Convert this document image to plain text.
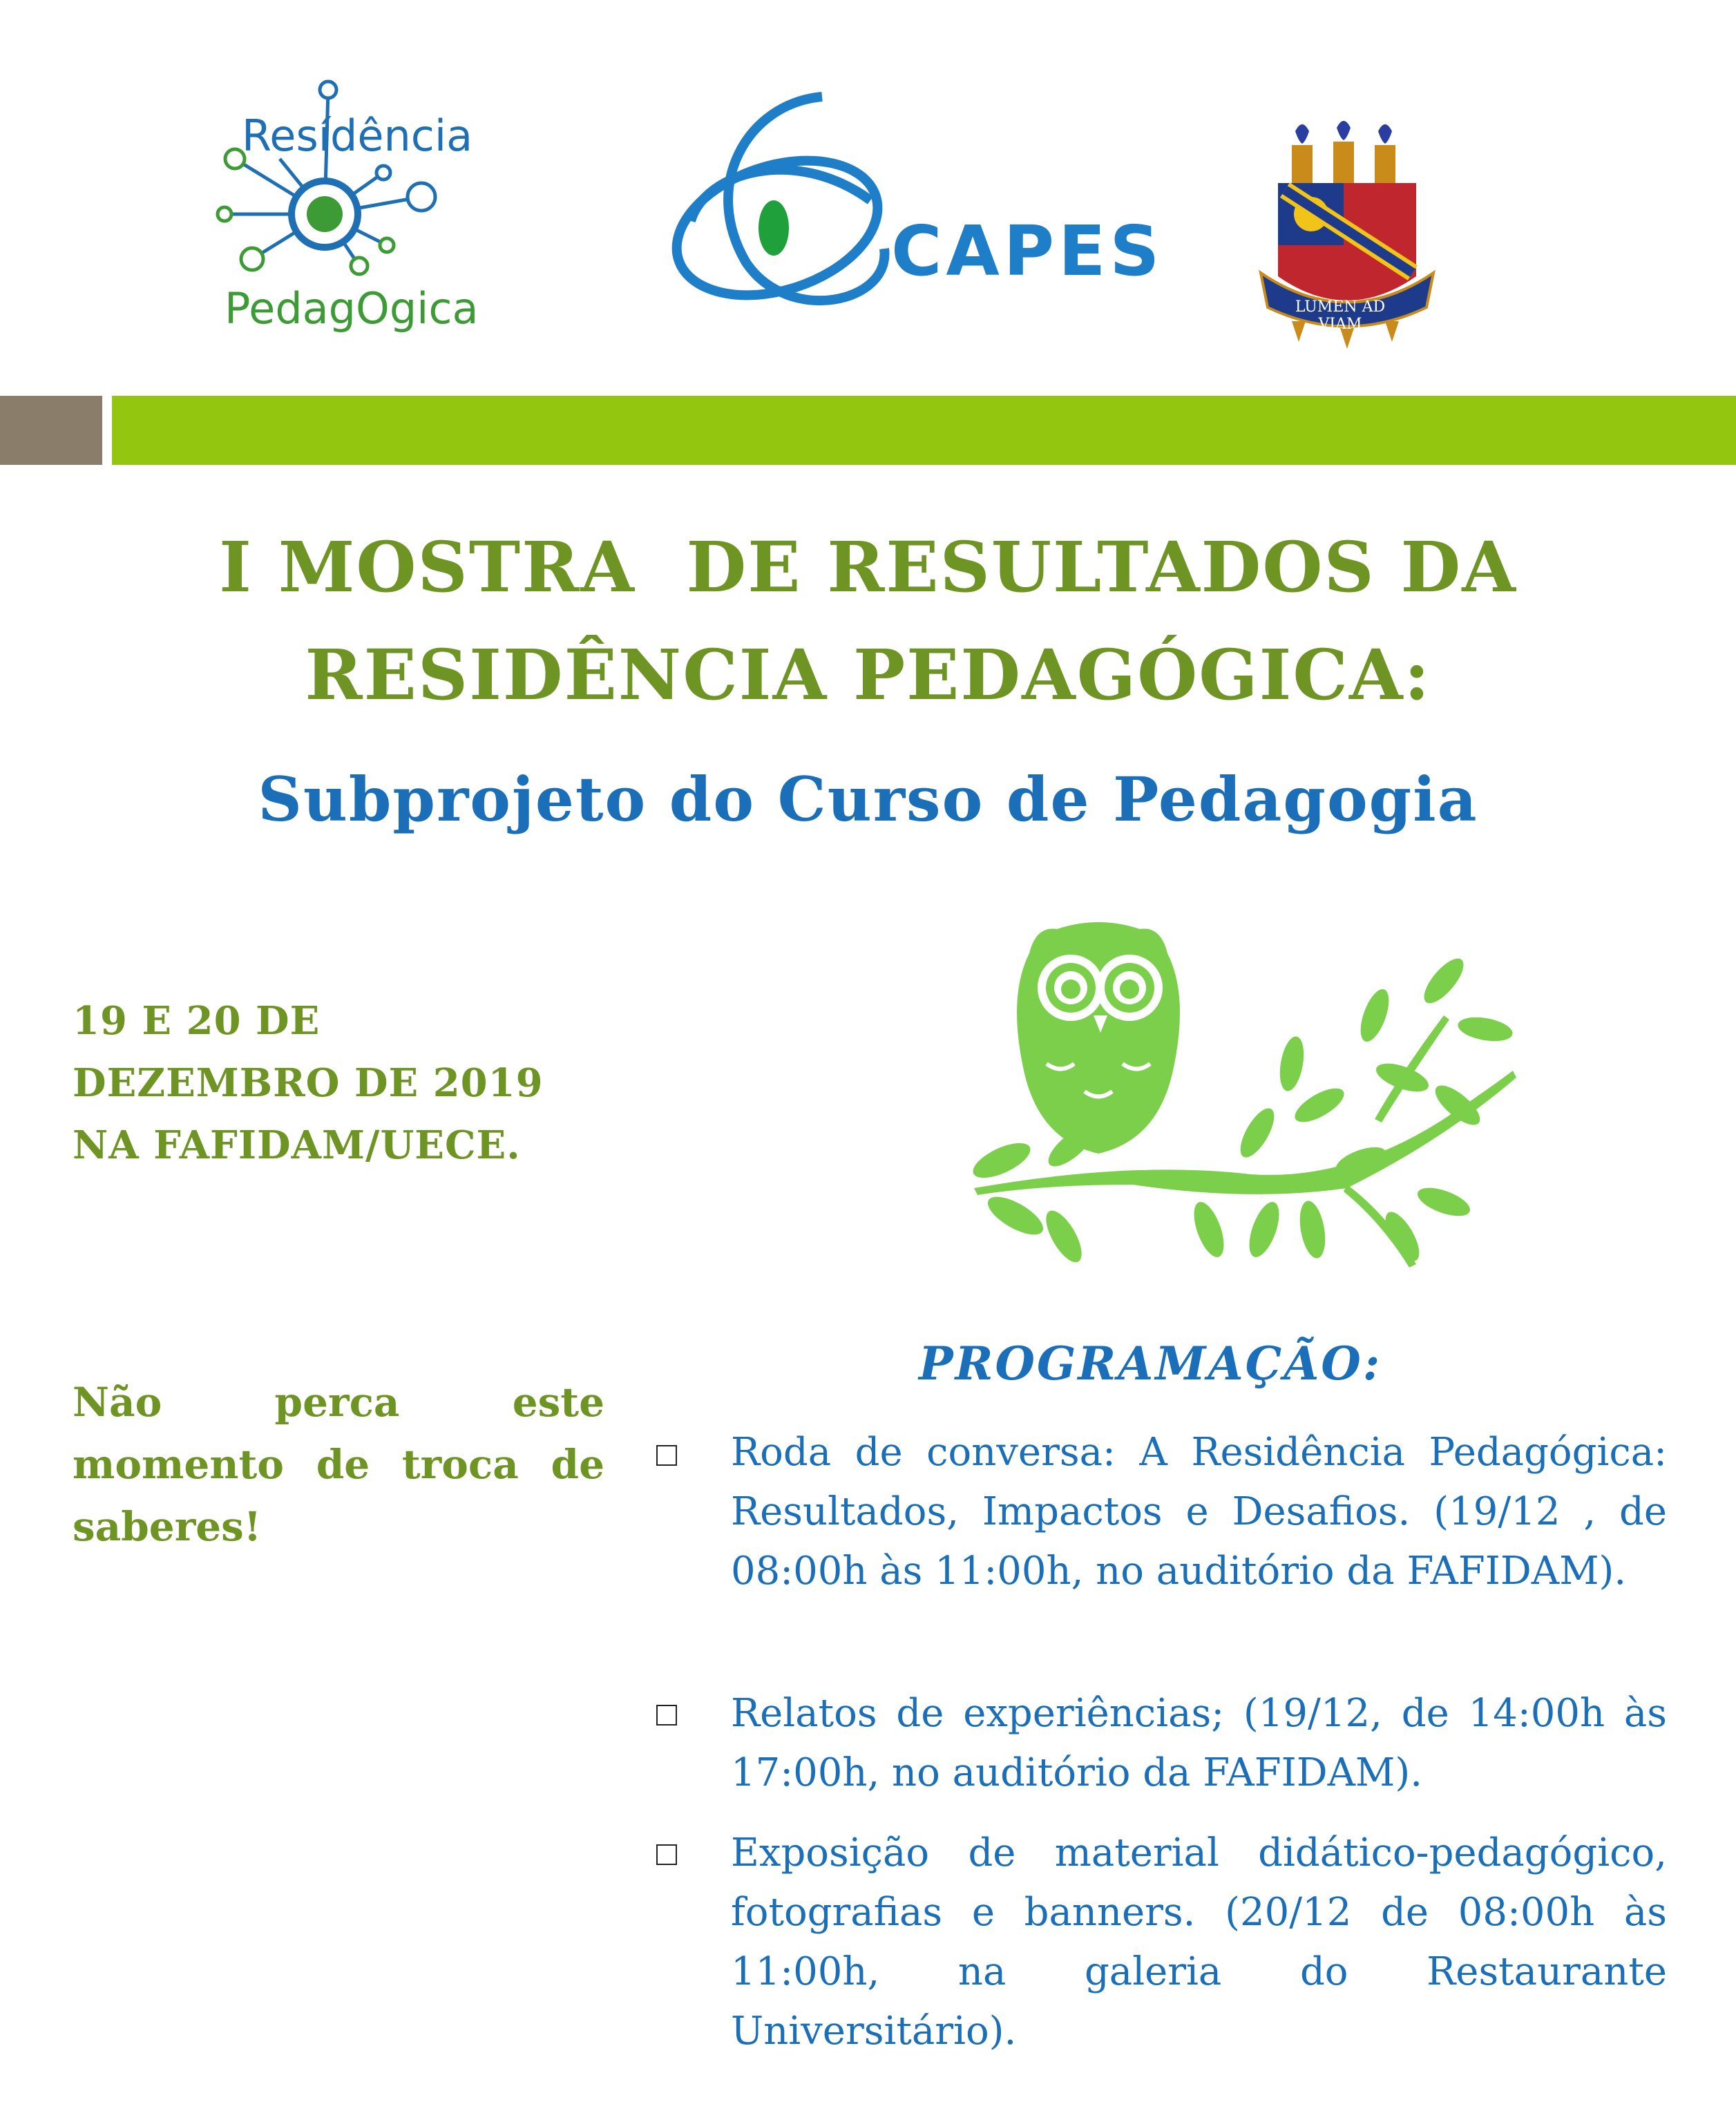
Resídência
PedagOgica
CAPES
LUMEN AD VIAM
I MOSTRA  DE RESULTADOS DA
RESIDÊNCIA PEDAGÓGICA:
Subprojeto do Curso de Pedagogia
19 E 20 DE
DEZEMBRO DE 2019
NA FAFIDAM/UECE.
Não perca este momento de troca de saberes!
PROGRAMAÇÃO:
Roda de conversa: A Residência Pedagógica: Resultados, Impactos e Desafios. (19/12 , de 08:00h às 11:00h, no auditório da FAFIDAM).
Relatos de experiências; (19/12, de 14:00h às 17:00h, no auditório da FAFIDAM).
Exposição de material didático-pedagógico, fotografias e banners. (20/12 de 08:00h às 11:00h, na galeria do Restaurante Universitário).
